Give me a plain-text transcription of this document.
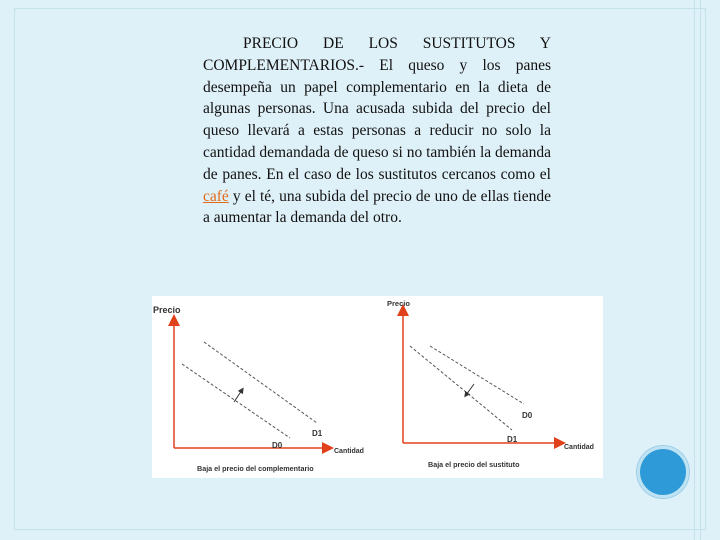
PRECIO DE LOS SUSTITUTOS Y COMPLEMENTARIOS.- El queso y los panes desempeña un papel complementario en la dieta de algunas personas. Una acusada subida del precio del queso llevará a estas personas a reducir no solo la cantidad demandada de queso si no también la demanda de panes. En el caso de los sustitutos cercanos como el café y el té, una subida del precio de uno de ellas tiende a aumentar la demanda del otro.
Precio
Cantidad
D0
D1
Baja el precio del complementario
Precio
Cantidad
D0
D1
Baja el precio del sustituto
